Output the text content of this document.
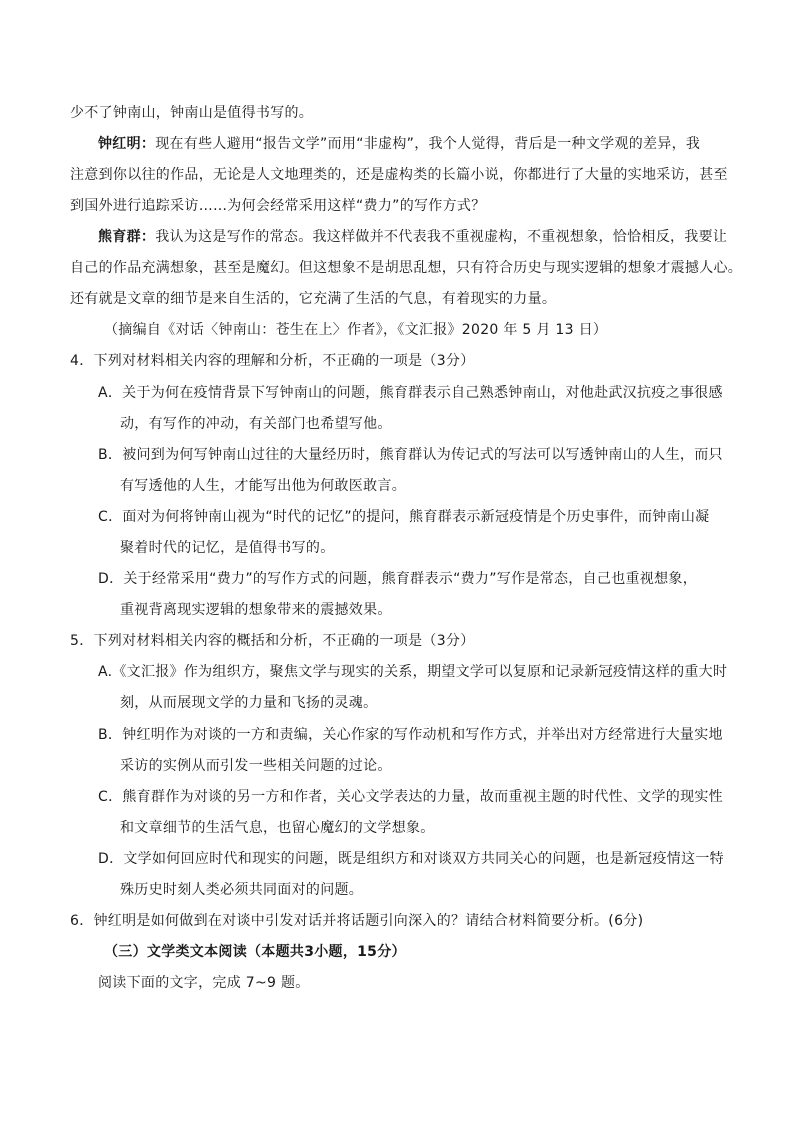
少不了钟南山，钟南山是值得书写的。
钟红明：现在有些人避用“报告文学”而用“非虚构”，我个人觉得，背后是一种文学观的差异，我
注意到你以往的作品，无论是人文地理类的，还是虚构类的长篇小说，你都进行了大量的实地采访，甚至
到国外进行追踪采访……为何会经常采用这样“费力”的写作方式？
熊育群：我认为这是写作的常态。我这样做并不代表我不重视虚构，不重视想象，恰恰相反，我要让
自己的作品充满想象，甚至是魔幻。但这想象不是胡思乱想，只有符合历史与现实逻辑的想象才震撼人心。
还有就是文章的细节是来自生活的，它充满了生活的气息，有着现实的力量。
（摘编自《对话〈钟南山：苍生在上〉作者》，《文汇报》2020 年 5 月 13 日）
4．下列对材料相关内容的理解和分析，不正确的一项是（3分）
A．关于为何在疫情背景下写钟南山的问题，熊育群表示自己熟悉钟南山，对他赴武汉抗疫之事很感
动，有写作的冲动，有关部门也希望写他。
B．被问到为何写钟南山过往的大量经历时，熊育群认为传记式的写法可以写透钟南山的人生，而只
有写透他的人生，才能写出他为何敢医敢言。
C．面对为何将钟南山视为“时代的记忆”的提问，熊育群表示新冠疫情是个历史事件，而钟南山凝
聚着时代的记忆，是值得书写的。
D．关于经常采用“费力”的写作方式的问题，熊育群表示“费力”写作是常态，自己也重视想象，
重视背离现实逻辑的想象带来的震撼效果。
5．下列对材料相关内容的概括和分析，不正确的一项是（3分）
A.《文汇报》作为组织方，聚焦文学与现实的关系，期望文学可以复原和记录新冠疫情这样的重大时
刻，从而展现文学的力量和飞扬的灵魂。
B．钟红明作为对谈的一方和责编，关心作家的写作动机和写作方式，并举出对方经常进行大量实地
采访的实例从而引发一些相关问题的过论。
C．熊育群作为对谈的另一方和作者，关心文学表达的力量，故而重视主题的时代性、文学的现实性
和文章细节的生活气息，也留心魔幻的文学想象。
D．文学如何回应时代和现实的问题，既是组织方和对谈双方共同关心的问题，也是新冠疫情这一特
殊历史时刻人类必须共同面对的问题。
6．钟红明是如何做到在对谈中引发对话并将话题引向深入的？请结合材料简要分析。(6分)
（三）文学类文本阅读（本题共3小题，15分）
阅读下面的文字，完成 7~9 题。
